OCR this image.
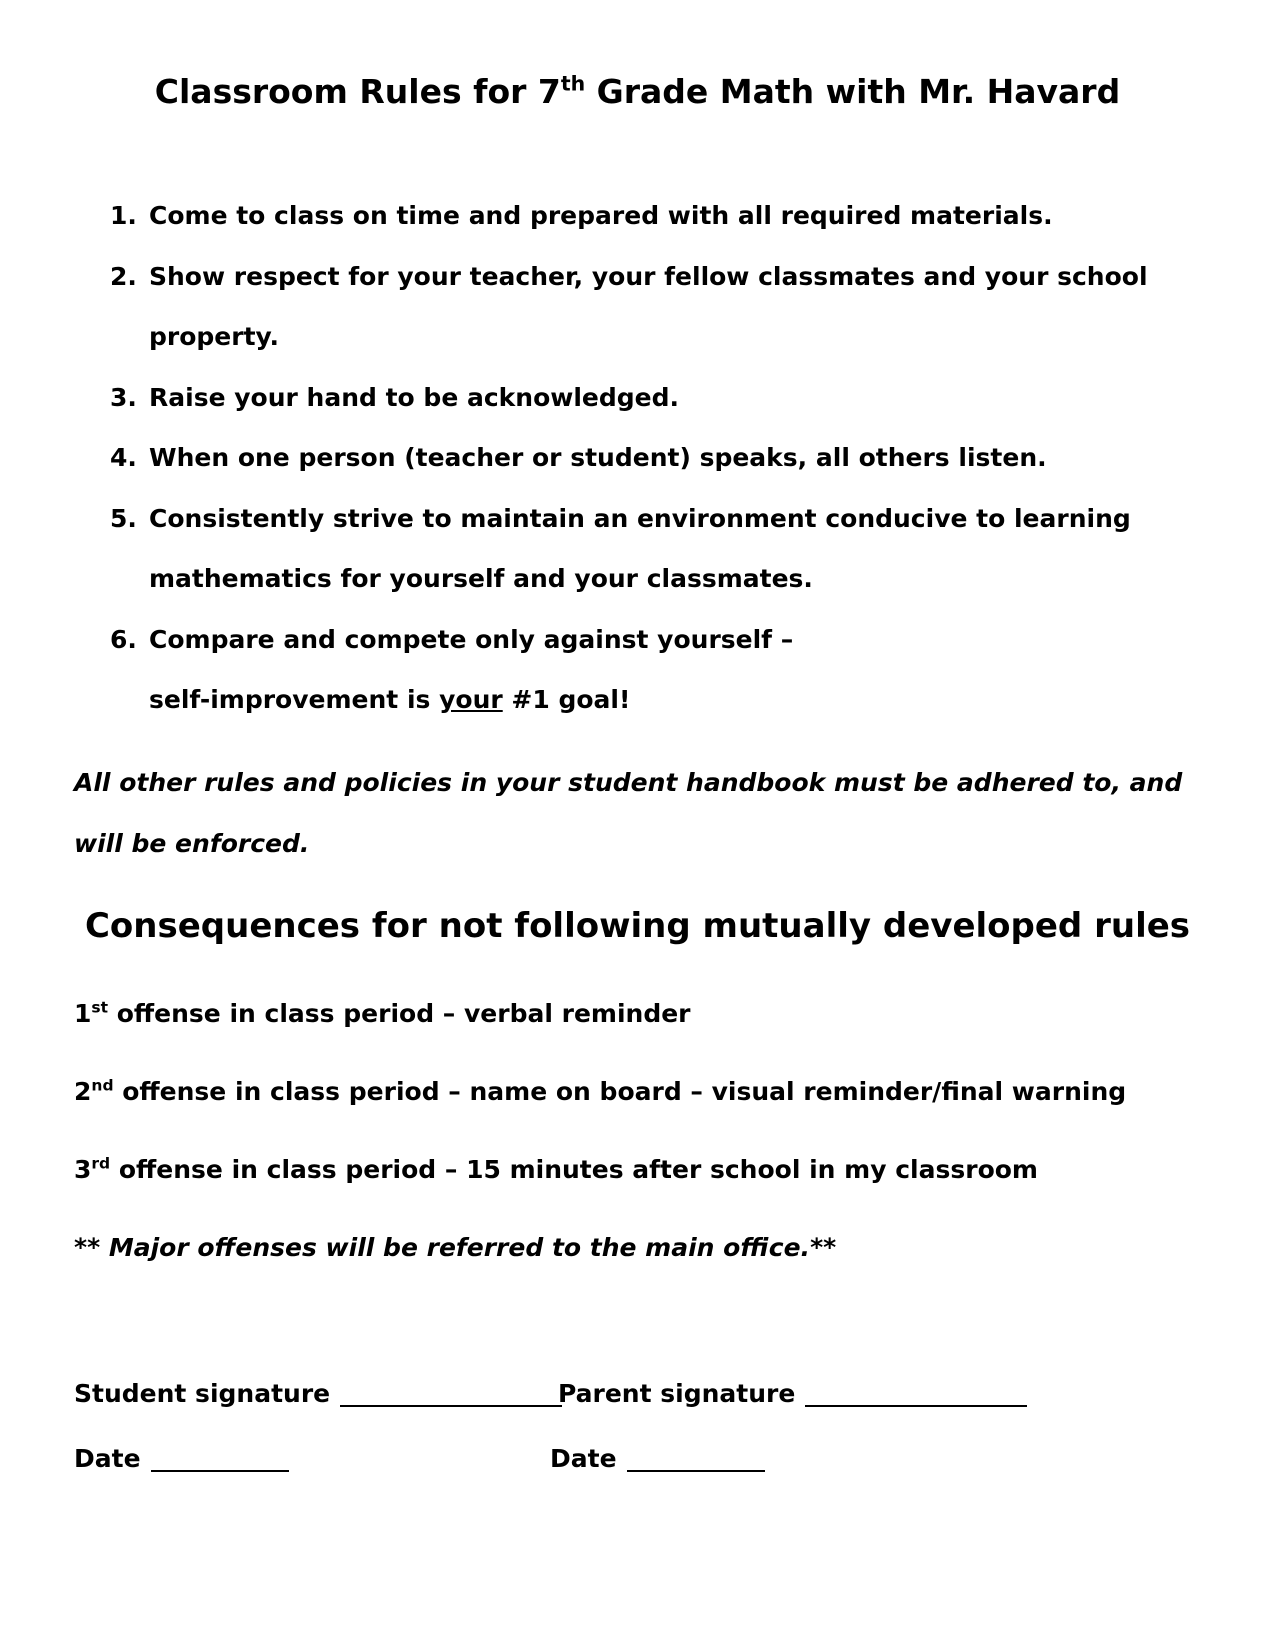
Classroom Rules for 7th Grade Math with Mr. Havard
1. Come to class on time and prepared with all required materials.
2. Show respect for your teacher, your fellow classmates and your school property.
3. Raise your hand to be acknowledged.
4. When one person (teacher or student) speaks, all others listen.
5. Consistently strive to maintain an environment conducive to learning mathematics for yourself and your classmates.
6. Compare and compete only against yourself –
self-improvement is your #1 goal!
All other rules and policies in your student handbook must be adhered to, and will be enforced.
Consequences for not following mutually developed rules
1st offense in class period – verbal reminder
2nd offense in class period – name on board – visual reminder/final warning
3rd offense in class period – 15 minutes after school in my classroom
** Major offenses will be referred to the main office.**
Student signature	Parent signature
Date	Date
